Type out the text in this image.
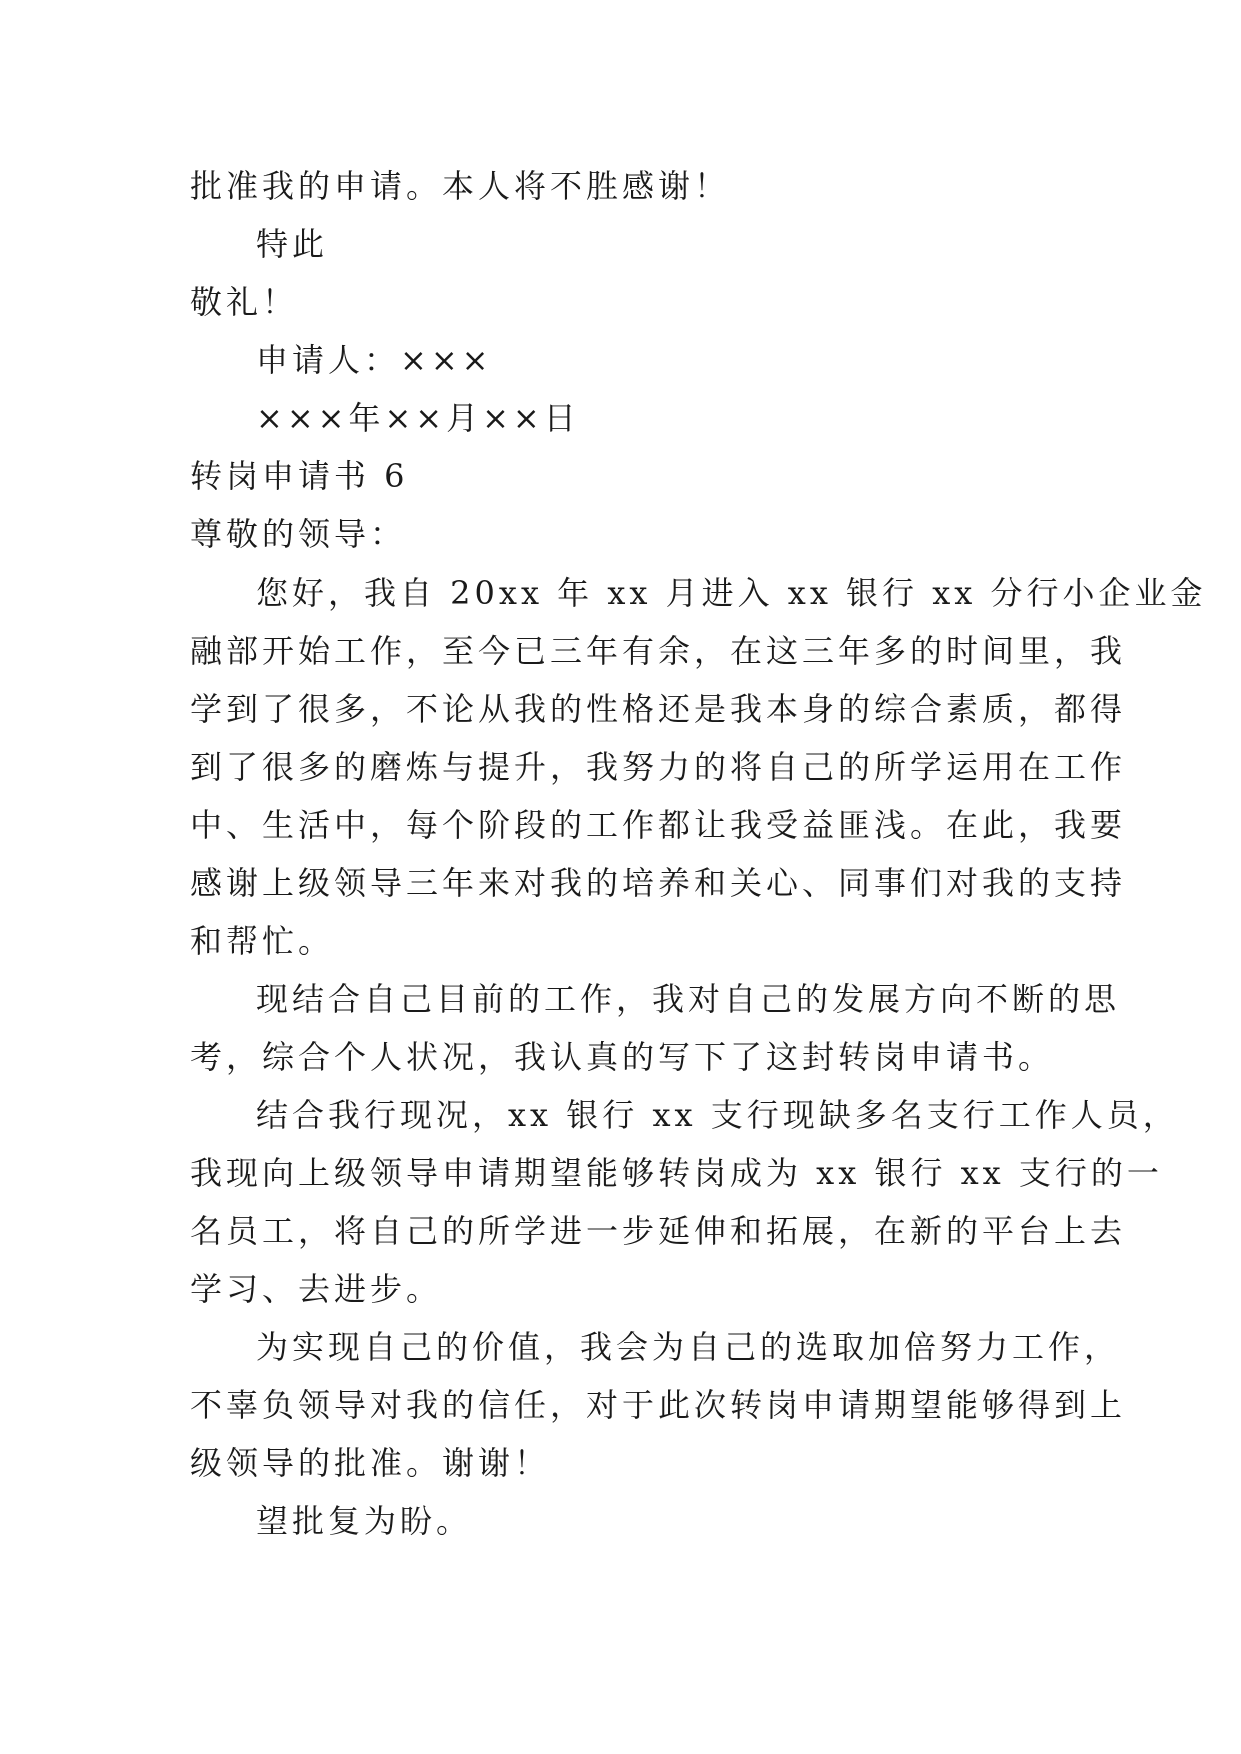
批准我的申请。本人将不胜感谢！
特此
敬礼！
申请人：×××
×××年××月××日
转岗申请书 6
尊敬的领导：
您好，我自 20xx 年 xx 月进入 xx 银行 xx 分行小企业金
融部开始工作，至今已三年有余，在这三年多的时间里，我
学到了很多，不论从我的性格还是我本身的综合素质，都得
到了很多的磨炼与提升，我努力的将自己的所学运用在工作
中、生活中，每个阶段的工作都让我受益匪浅。在此，我要
感谢上级领导三年来对我的培养和关心、同事们对我的支持
和帮忙。
现结合自己目前的工作，我对自己的发展方向不断的思
考，综合个人状况，我认真的写下了这封转岗申请书。
结合我行现况，xx 银行 xx 支行现缺多名支行工作人员，
我现向上级领导申请期望能够转岗成为 xx 银行 xx 支行的一
名员工，将自己的所学进一步延伸和拓展，在新的平台上去
学习、去进步。
为实现自己的价值，我会为自己的选取加倍努力工作，
不辜负领导对我的信任，对于此次转岗申请期望能够得到上
级领导的批准。谢谢！
望批复为盼。
